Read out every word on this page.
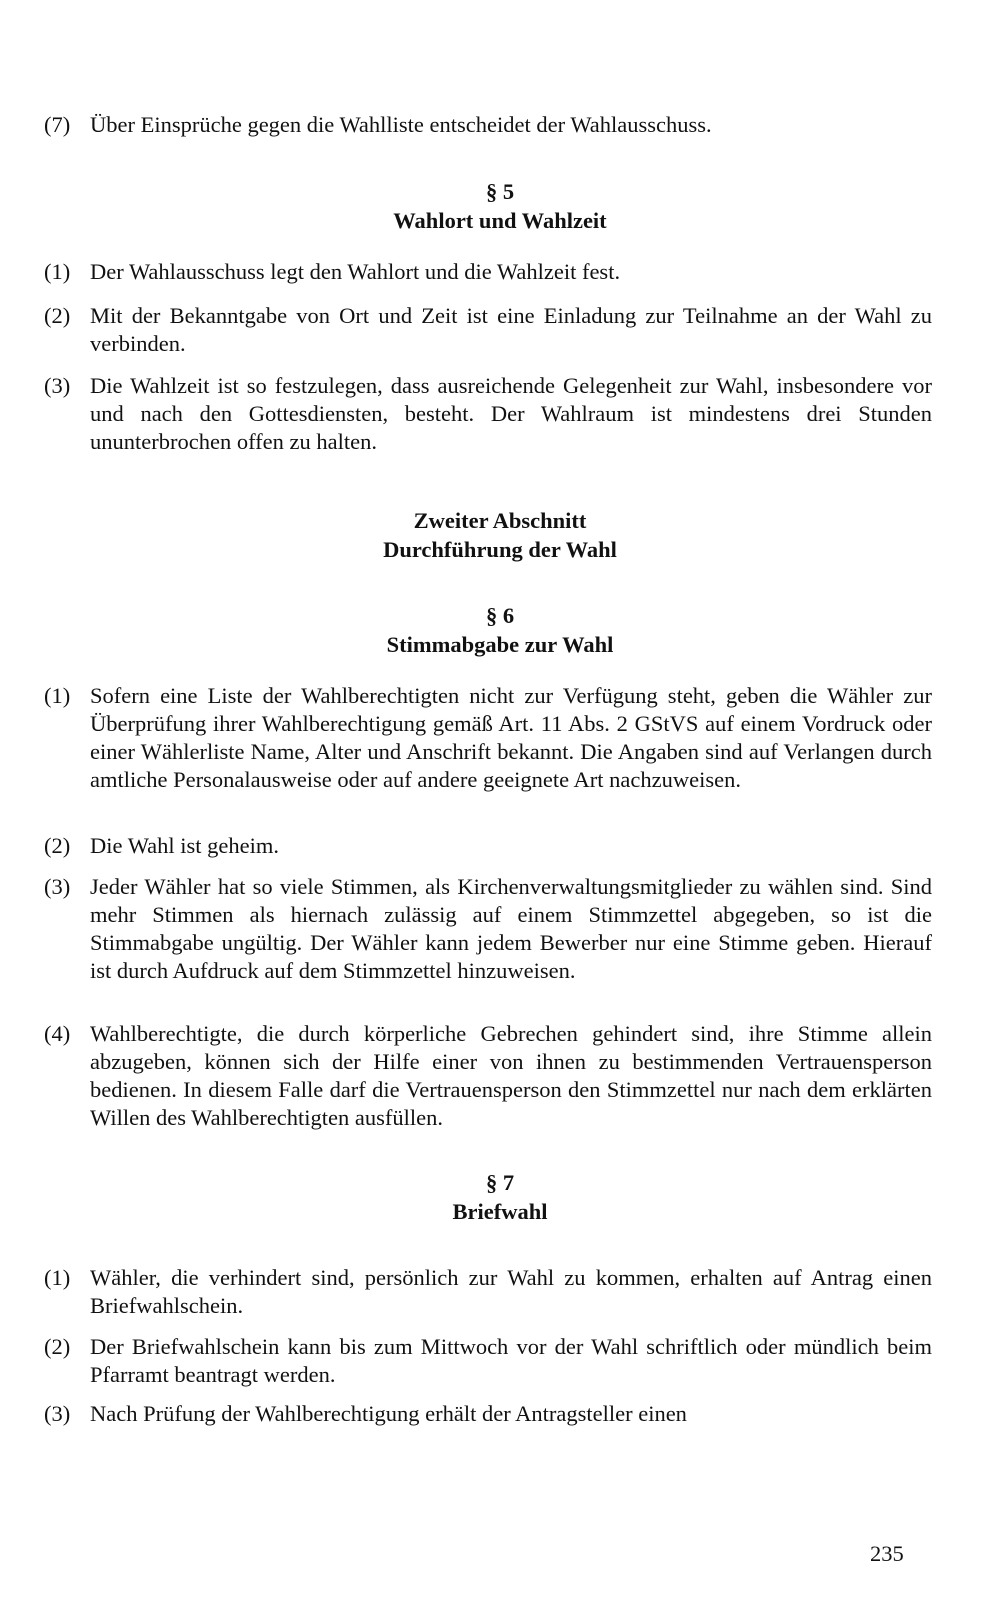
(7) Über Einsprüche gegen die Wahlliste entscheidet der Wahlausschuss.
§ 5
Wahlort und Wahlzeit
(1) Der Wahlausschuss legt den Wahlort und die Wahlzeit fest.
(2) Mit der Bekanntgabe von Ort und Zeit ist eine Einladung zur Teilnahme an der Wahl zu verbinden.
(3) Die Wahlzeit ist so festzulegen, dass ausreichende Gelegenheit zur Wahl, insbesondere vor und nach den Gottesdiensten, besteht. Der Wahlraum ist mindestens drei Stunden ununterbrochen offen zu halten.
Zweiter Abschnitt
Durchführung der Wahl
§ 6
Stimmabgabe zur Wahl
(1) Sofern eine Liste der Wahlberechtigten nicht zur Verfügung steht, geben die Wähler zur Überprüfung ihrer Wahlberechtigung gemäß Art. 11 Abs. 2 GStVS auf einem Vordruck oder einer Wählerliste Name, Alter und Anschrift bekannt. Die Angaben sind auf Verlangen durch amtliche Personalausweise oder auf andere geeignete Art nachzuweisen.
(2) Die Wahl ist geheim.
(3) Jeder Wähler hat so viele Stimmen, als Kirchenverwaltungsmitglieder zu wählen sind. Sind mehr Stimmen als hiernach zulässig auf einem Stimmzettel abgegeben, so ist die Stimmabgabe ungültig. Der Wähler kann jedem Bewerber nur eine Stimme geben. Hierauf ist durch Aufdruck auf dem Stimmzettel hinzuweisen.
(4) Wahlberechtigte, die durch körperliche Gebrechen gehindert sind, ihre Stimme allein abzugeben, können sich der Hilfe einer von ihnen zu bestimmenden Vertrauensperson bedienen. In diesem Falle darf die Vertrauensperson den Stimmzettel nur nach dem erklärten Willen des Wahlberechtigten ausfüllen.
§ 7
Briefwahl
(1) Wähler, die verhindert sind, persönlich zur Wahl zu kommen, erhalten auf Antrag einen Briefwahlschein.
(2) Der Briefwahlschein kann bis zum Mittwoch vor der Wahl schriftlich oder mündlich beim Pfarramt beantragt werden.
(3) Nach Prüfung der Wahlberechtigung erhält der Antragsteller einen
235
